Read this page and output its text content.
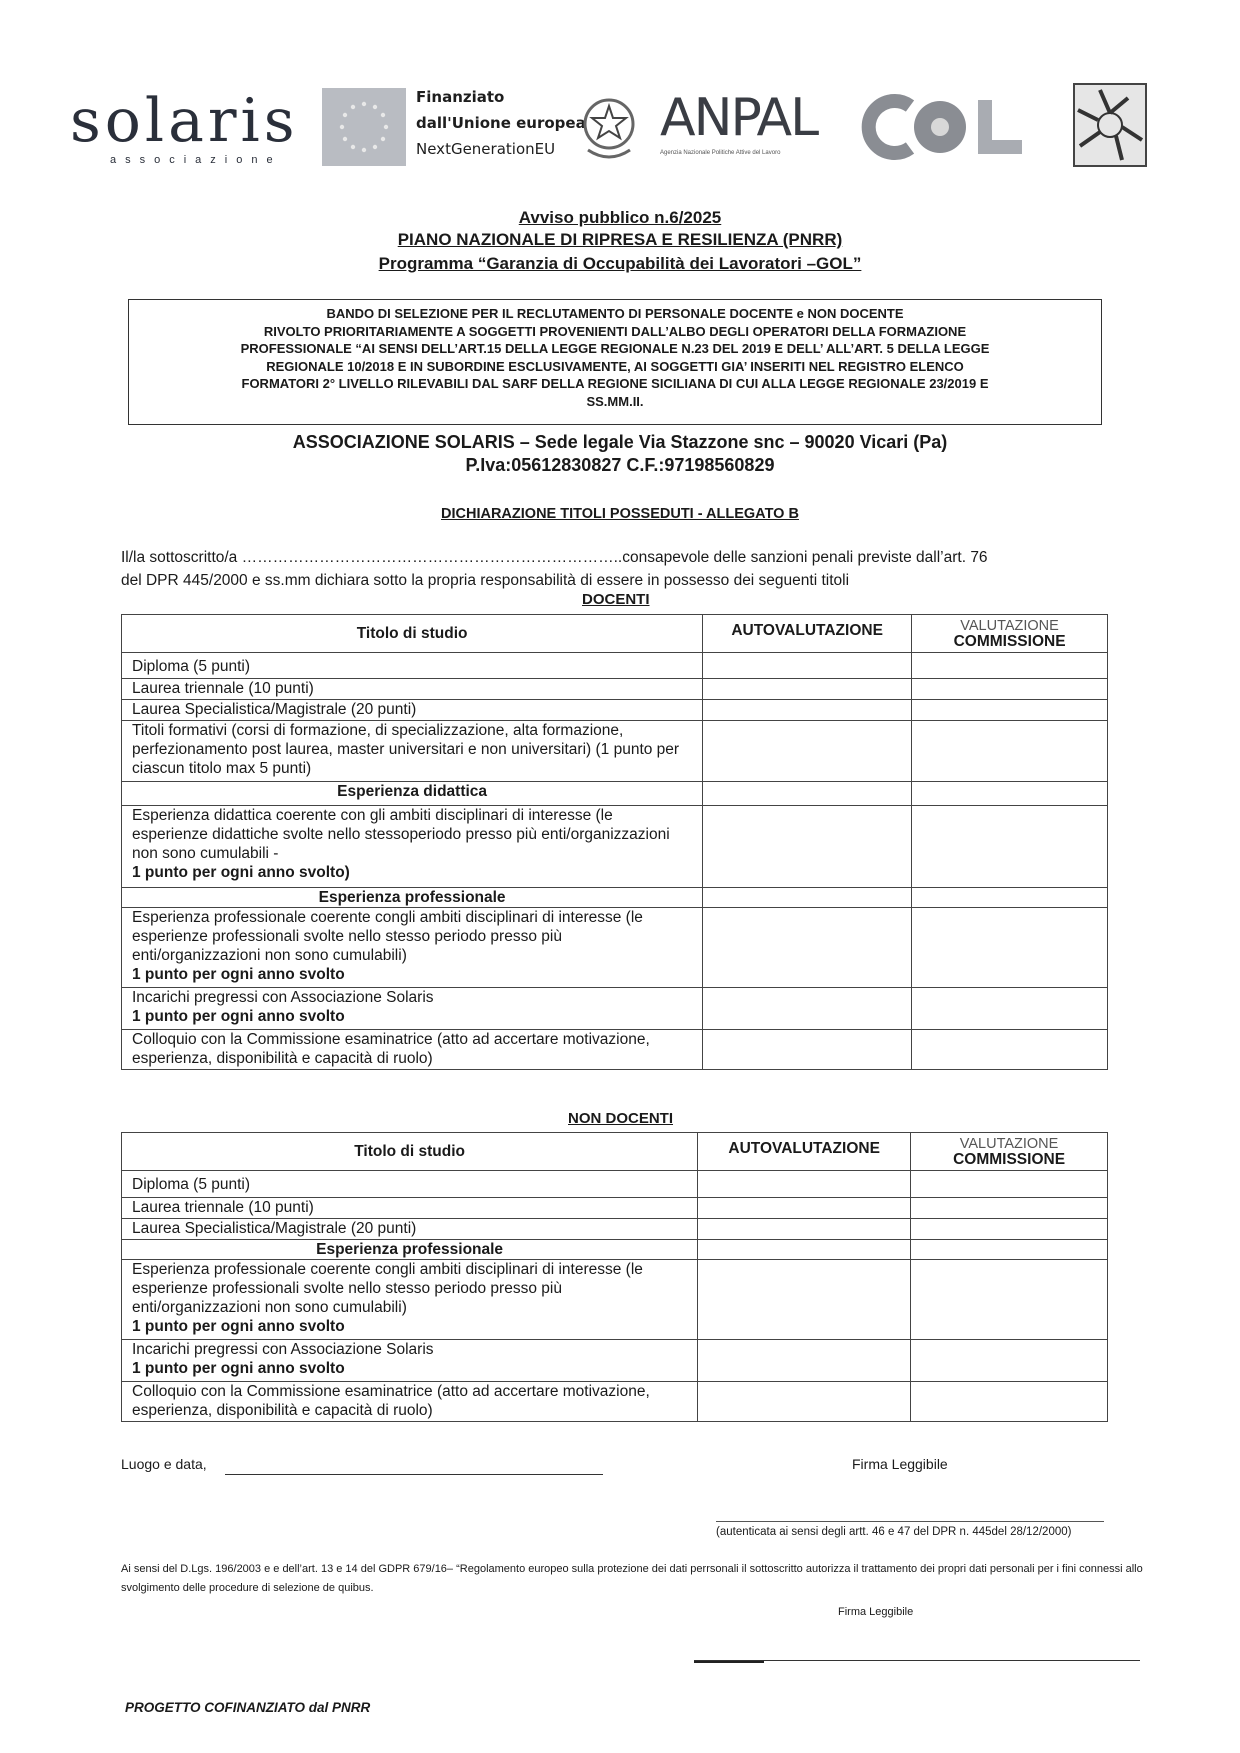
solaris
associazione
Finanziato
dall'Unione europea
NextGenerationEU
ANPAL
Agenzia Nazionale Politiche Attive del Lavoro
Avviso pubblico n.6/2025
PIANO NAZIONALE DI RIPRESA E RESILIENZA (PNRR)
Programma “Garanzia di Occupabilità dei Lavoratori –GOL”
BANDO DI SELEZIONE PER IL RECLUTAMENTO DI PERSONALE DOCENTE e NON DOCENTE
RIVOLTO PRIORITARIAMENTE A SOGGETTI PROVENIENTI DALL’ALBO DEGLI OPERATORI DELLA FORMAZIONE
PROFESSIONALE “AI SENSI DELL’ART.15 DELLA LEGGE REGIONALE N.23 DEL 2019 E DELL’ ALL’ART. 5 DELLA LEGGE
REGIONALE 10/2018 E IN SUBORDINE ESCLUSIVAMENTE, AI SOGGETTI GIA’ INSERITI NEL REGISTRO ELENCO
FORMATORI 2° LIVELLO RILEVABILI DAL SARF DELLA REGIONE SICILIANA DI CUI ALLA LEGGE REGIONALE 23/2019 E
SS.MM.II.
ASSOCIAZIONE SOLARIS – Sede legale Via Stazzone snc – 90020 Vicari (Pa)
P.Iva:05612830827 C.F.:97198560829
DICHIARAZIONE TITOLI POSSEDUTI - ALLEGATO B
Il/la sottoscritto/a ………………………………………………………………..consapevole delle sanzioni penali previste dall’art. 76
del DPR 445/2000 e ss.mm dichiara sotto la propria responsabilità di essere in possesso dei seguenti titoli
DOCENTI
Titolo di studio	AUTOVALUTAZIONE	VALUTAZIONE
COMMISSIONE

Diploma (5 punti)		
Laurea triennale (10 punti)		
Laurea Specialistica/Magistrale (20 punti)		
Titoli formativi (corsi di formazione, di specializzazione, alta formazione, perfezionamento post laurea, master universitari e non universitari) (1 punto per ciascun titolo max 5 punti)		
Esperienza didattica		
Esperienza didattica coerente con gli ambiti disciplinari di interesse (le esperienze didattiche svolte nello stessoperiodo presso più enti/organizzazioni non sono cumulabili -
1 punto per ogni anno svolto)		
Esperienza professionale		
Esperienza professionale coerente congli ambiti disciplinari di interesse (le esperienze professionali svolte nello stesso periodo presso più enti/organizzazioni non sono cumulabili)
1 punto per ogni anno svolto		
Incarichi pregressi con Associazione Solaris
1 punto per ogni anno svolto		
Colloquio con la Commissione esaminatrice (atto ad accertare motivazione, esperienza, disponibilità e capacità di ruolo)		
NON DOCENTI
Titolo di studio	AUTOVALUTAZIONE	VALUTAZIONE
COMMISSIONE

Diploma (5 punti)		
Laurea triennale (10 punti)		
Laurea Specialistica/Magistrale (20 punti)		
Esperienza professionale		
Esperienza professionale coerente congli ambiti disciplinari di interesse (le esperienze professionali svolte nello stesso periodo presso più enti/organizzazioni non sono cumulabili)
1 punto per ogni anno svolto		
Incarichi pregressi con Associazione Solaris
1 punto per ogni anno svolto		
Colloquio con la Commissione esaminatrice (atto ad accertare motivazione, esperienza, disponibilità e capacità di ruolo)		
Luogo e data,	Firma Leggibile
(autenticata ai sensi degli artt. 46 e 47 del DPR n. 445del 28/12/2000)
Ai sensi del D.Lgs. 196/2003 e e dell’art. 13 e 14 del GDPR 679/16– “Regolamento europeo sulla protezione dei dati perrsonali il sottoscritto autorizza il trattamento dei propri dati personali per i fini connessi allo svolgimento delle procedure di selezione de quibus.
Firma Leggibile
PROGETTO COFINANZIATO dal PNRR
